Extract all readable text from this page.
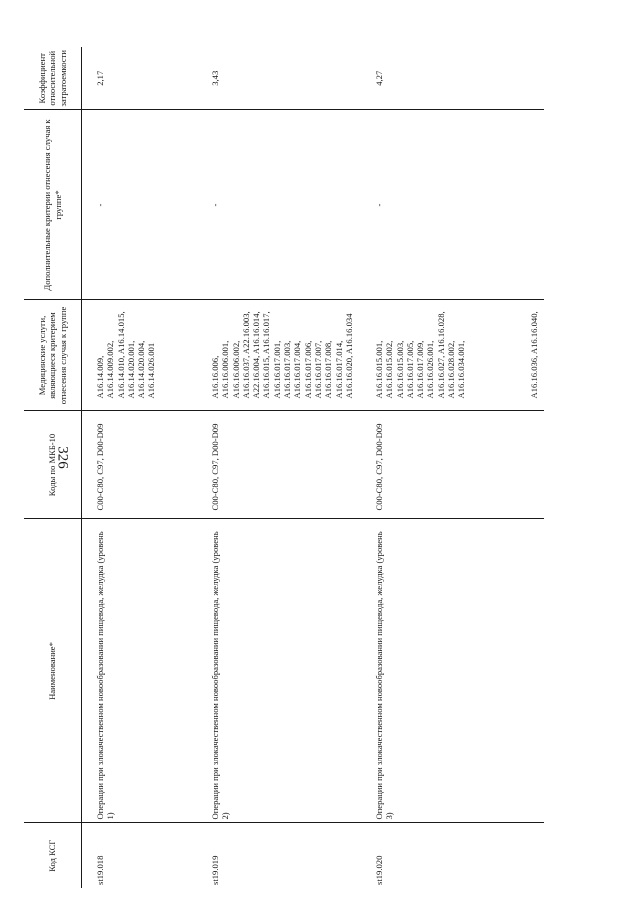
326
Код КСГ	Наименование*	Коды по МКБ-10	Медицинские услуги, являющиеся критерием отнесения случая к группе	Дополнительные критерии отнесения случая к группе*	Коэффициент относительной затратоемкости
st19.018	Операции при злокачественном новообразовании пищевода, желудка (уровень 1)	C00-C80, C97, D00-D09	A16.14.009, A16.14.009.002, A16.14.010, A16.14.015, A16.14.020.001, A16.14.020.004, A16.14.026.001	-	2,17
st19.019	Операции при злокачественном новообразовании пищевода, желудка (уровень 2)	C00-C80, C97, D00-D09	A16.16.006, A16.16.006.001, A16.16.006.002, A16.16.037, A22.16.003, A22.16.004, A16.16.014, A16.16.015, A16.16.017, A16.16.017.001, A16.16.017.003, A16.16.017.004, A16.16.017.006, A16.16.017.007, A16.16.017.008, A16.16.017.014, A16.16.020, A16.16.034	-	3,43
st19.020	Операции при злокачественном новообразовании пищевода, желудка (уровень 3)	C00-C80, C97, D00-D09	A16.16.015.001, A16.16.015.002, A16.16.015.003, A16.16.017.005, A16.16.017.009, A16.16.026.001, A16.16.027, A16.16.028, A16.16.028.002, A16.16.034.001,	-	4,27
			A16.16.036, A16.16.040,		
